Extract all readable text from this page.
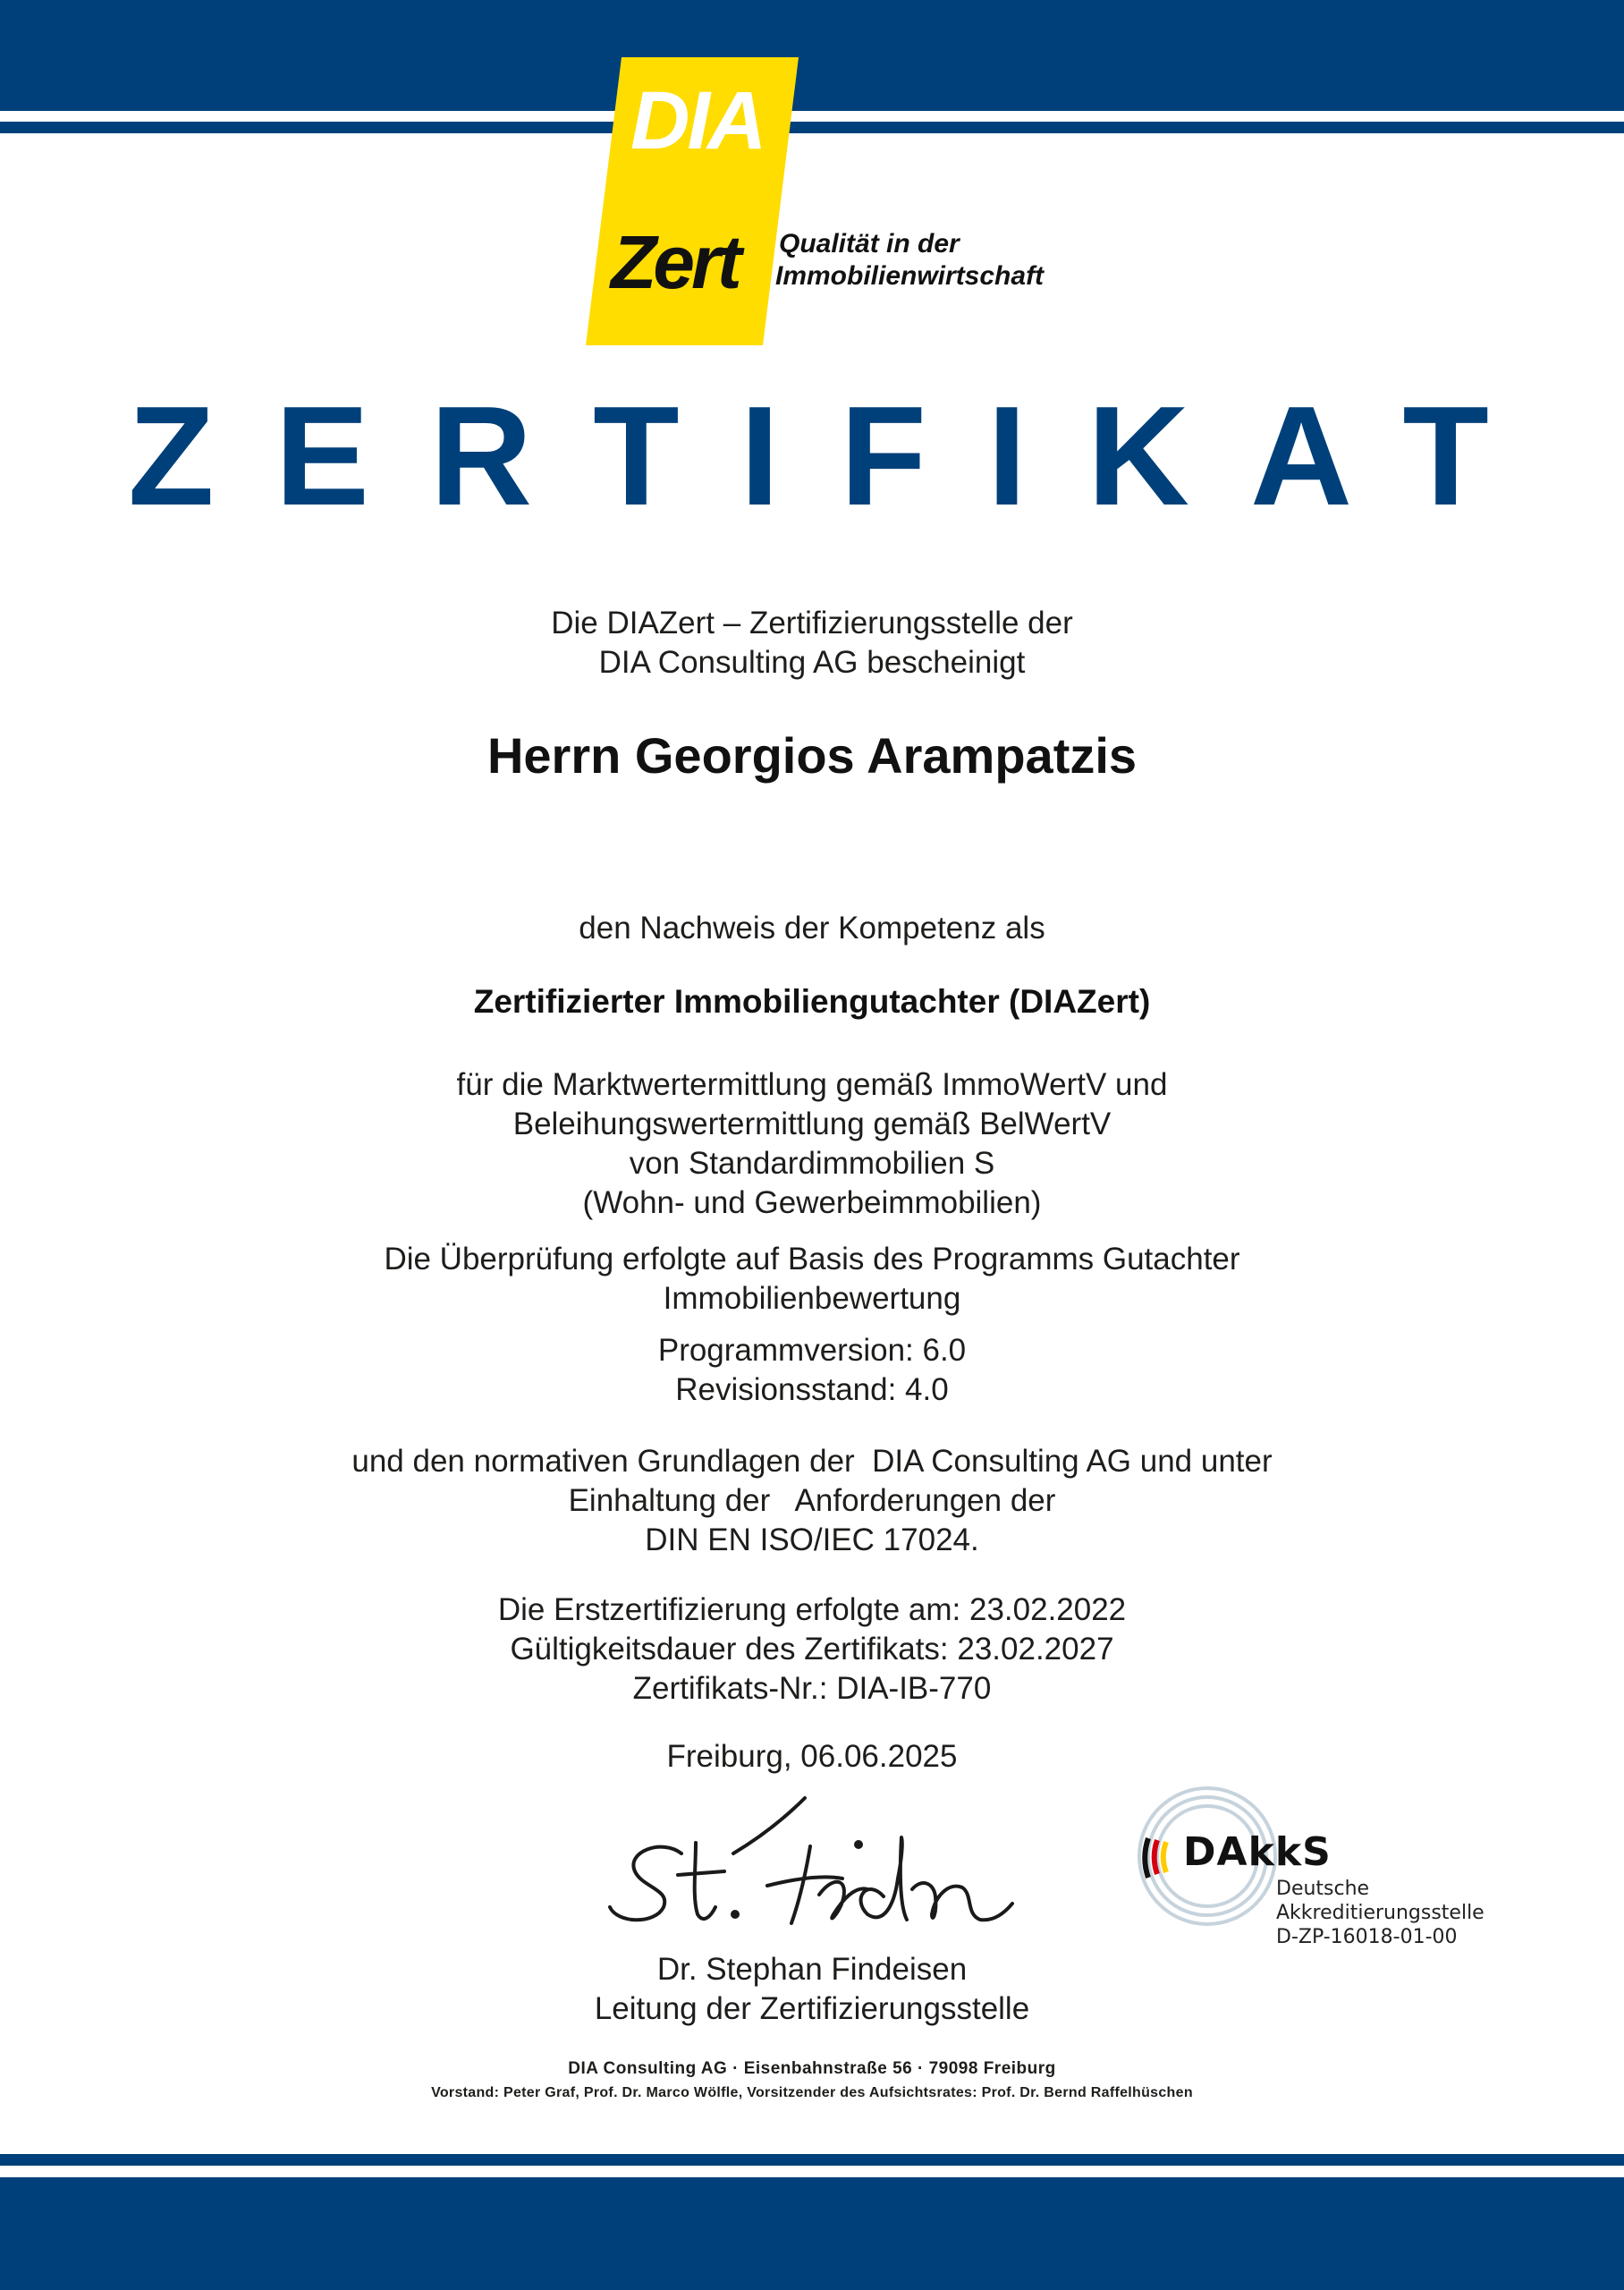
DIA
Zert Qualität in der
Immobilienwirtschaft
ZERTIFIKAT
Die DIAZert – Zertifizierungsstelle der
DIA Consulting AG bescheinigt
Herrn Georgios Arampatzis
den Nachweis der Kompetenz als
Zertifizierter Immobiliengutachter (DIAZert)
für die Marktwertermittlung gemäß ImmoWertV und
Beleihungswertermittlung gemäß BelWertV
von Standardimmobilien S
(Wohn- und Gewerbeimmobilien)
Die Überprüfung erfolgte auf Basis des Programms Gutachter
Immobilienbewertung
Programmversion: 6.0
Revisionsstand: 4.0
und den normativen Grundlagen der  DIA Consulting AG und unter
Einhaltung der   Anforderungen der
DIN EN ISO/IEC 17024.
Die Erstzertifizierung erfolgte am: 23.02.2022
Gültigkeitsdauer des Zertifikats: 23.02.2027
Zertifikats-Nr.: DIA-IB-770
Freiburg, 06.06.2025
Dr. Stephan Findeisen
Leitung der Zertifizierungsstelle
DAkkS
Deutsche
Akkreditierungsstelle
D-ZP-16018-01-00
DIA Consulting AG · Eisenbahnstraße 56 · 79098 Freiburg
Vorstand: Peter Graf, Prof. Dr. Marco Wölfle, Vorsitzender des Aufsichtsrates: Prof. Dr. Bernd Raffelhüschen
